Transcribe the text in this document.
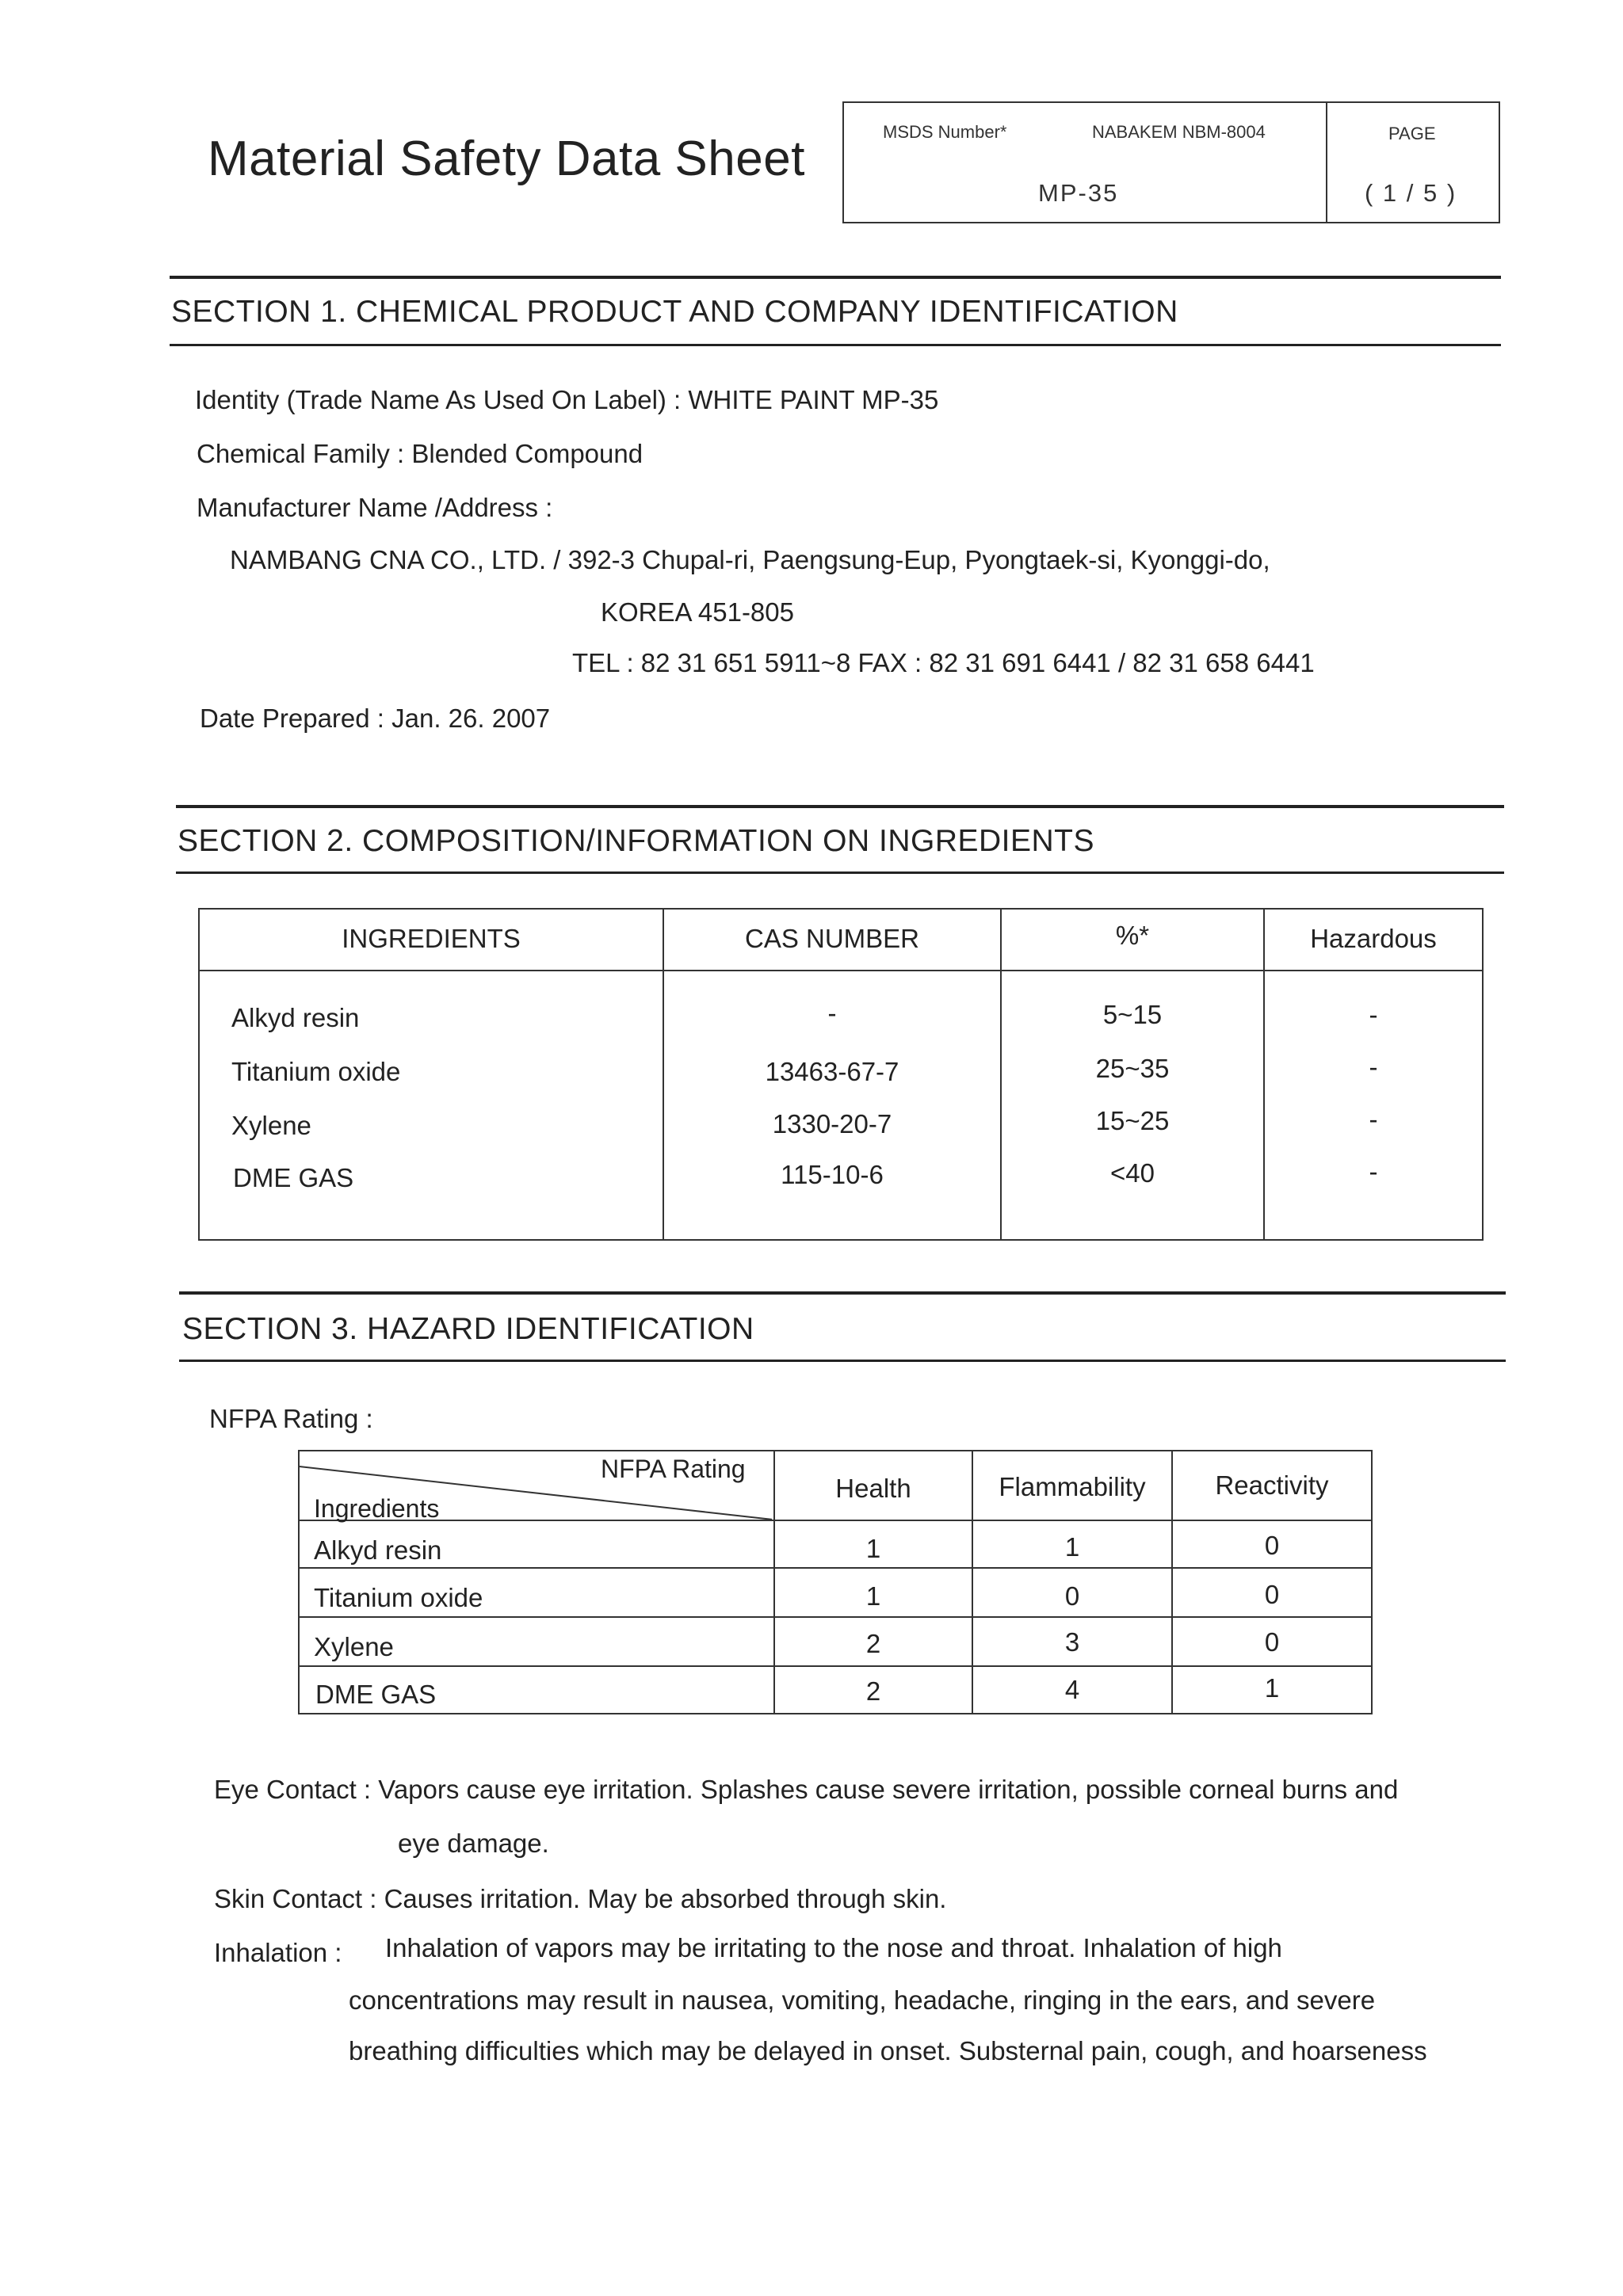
Material Safety Data Sheet	MSDS Number*	NABAKEM NBM-8004
MP-35
PAGE
( 1 / 5 )
SECTION 1. CHEMICAL PRODUCT AND COMPANY IDENTIFICATION
Identity (Trade Name As Used On Label) : WHITE PAINT MP-35
Chemical Family : Blended Compound
Manufacturer Name /Address :
NAMBANG CNA CO., LTD. / 392-3 Chupal-ri, Paengsung-Eup, Pyongtaek-si, Kyonggi-do,
KOREA 451-805
TEL : 82 31 651 5911~8 FAX : 82 31 691 6441 / 82 31 658 6441
Date Prepared : Jan. 26. 2007
SECTION 2. COMPOSITION/INFORMATION ON INGREDIENTS
INGREDIENTS	CAS NUMBER	%*	Hazardous
Alkyd resin	-	5~15	-
Titanium oxide	13463-67-7	25~35	-
Xylene	1330-20-7	15~25	-
DME GAS	115-10-6	<40	-
SECTION 3. HAZARD IDENTIFICATION
NFPA Rating :
NFPA Rating
Ingredients
Health	Flammability	Reactivity
Alkyd resin	1	1	0
Titanium oxide	1	0	0
Xylene	2	3	0
DME GAS	2	4	1
Eye Contact : Vapors cause eye irritation. Splashes cause severe irritation, possible corneal burns and
eye damage.
Skin Contact : Causes irritation. May be absorbed through skin.
Inhalation : Inhalation of vapors may be irritating to the nose and throat. Inhalation of high
concentrations may result in nausea, vomiting, headache, ringing in the ears, and severe
breathing difficulties which may be delayed in onset. Substernal pain, cough, and hoarseness
